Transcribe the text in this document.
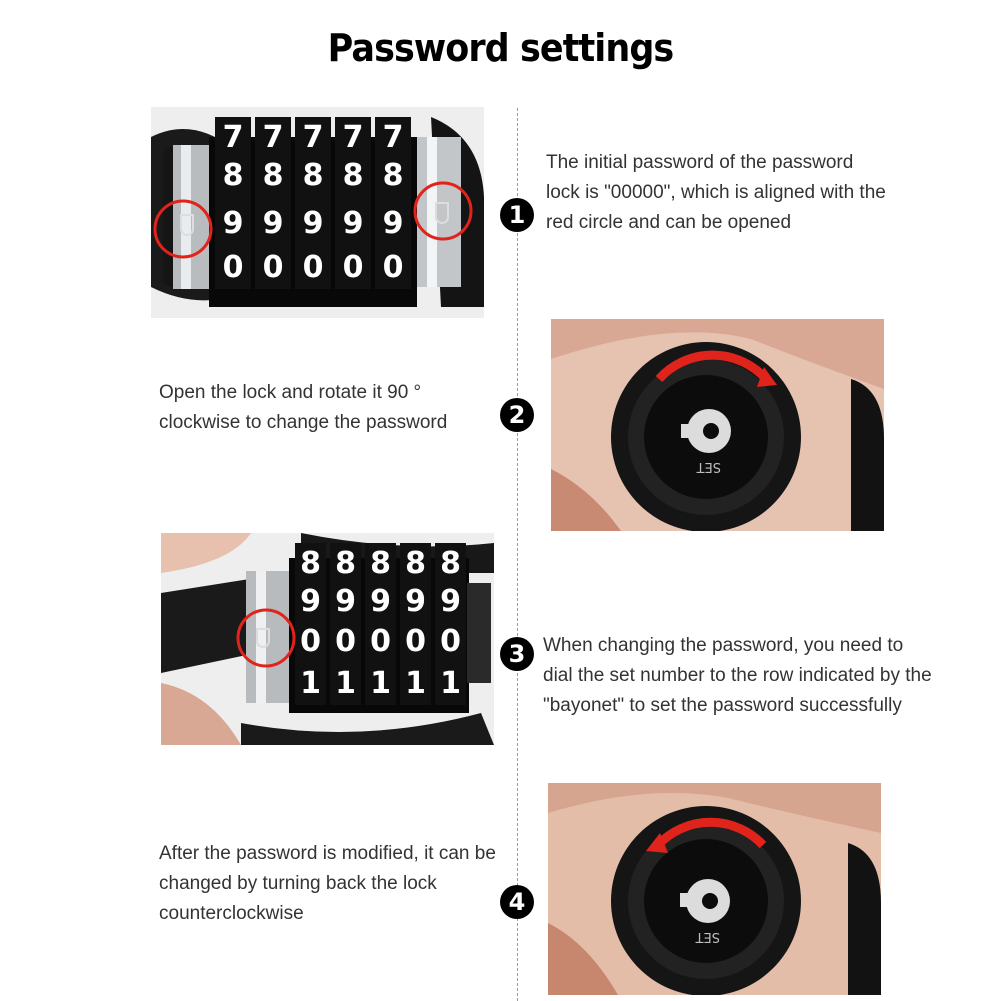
Password settings
7
8
9
0
7
8
9
0
7
8
9
0
7
8
9
0
7
8
9
0
1
The initial password of the password lock is "00000", which is aligned with the red circle and can be opened
Open the lock and rotate it 90 ° clockwise to change the password	2
SET
8
9
0
1
8
9
0
1
8
9
0
1
8
9
0
1
8
9
0
1
3 When changing the password, you need to dial the set number to the row indicated by the "bayonet" to set the password successfully
After the password is modified, it can be changed by turning back the lock counterclockwise	4
SET
